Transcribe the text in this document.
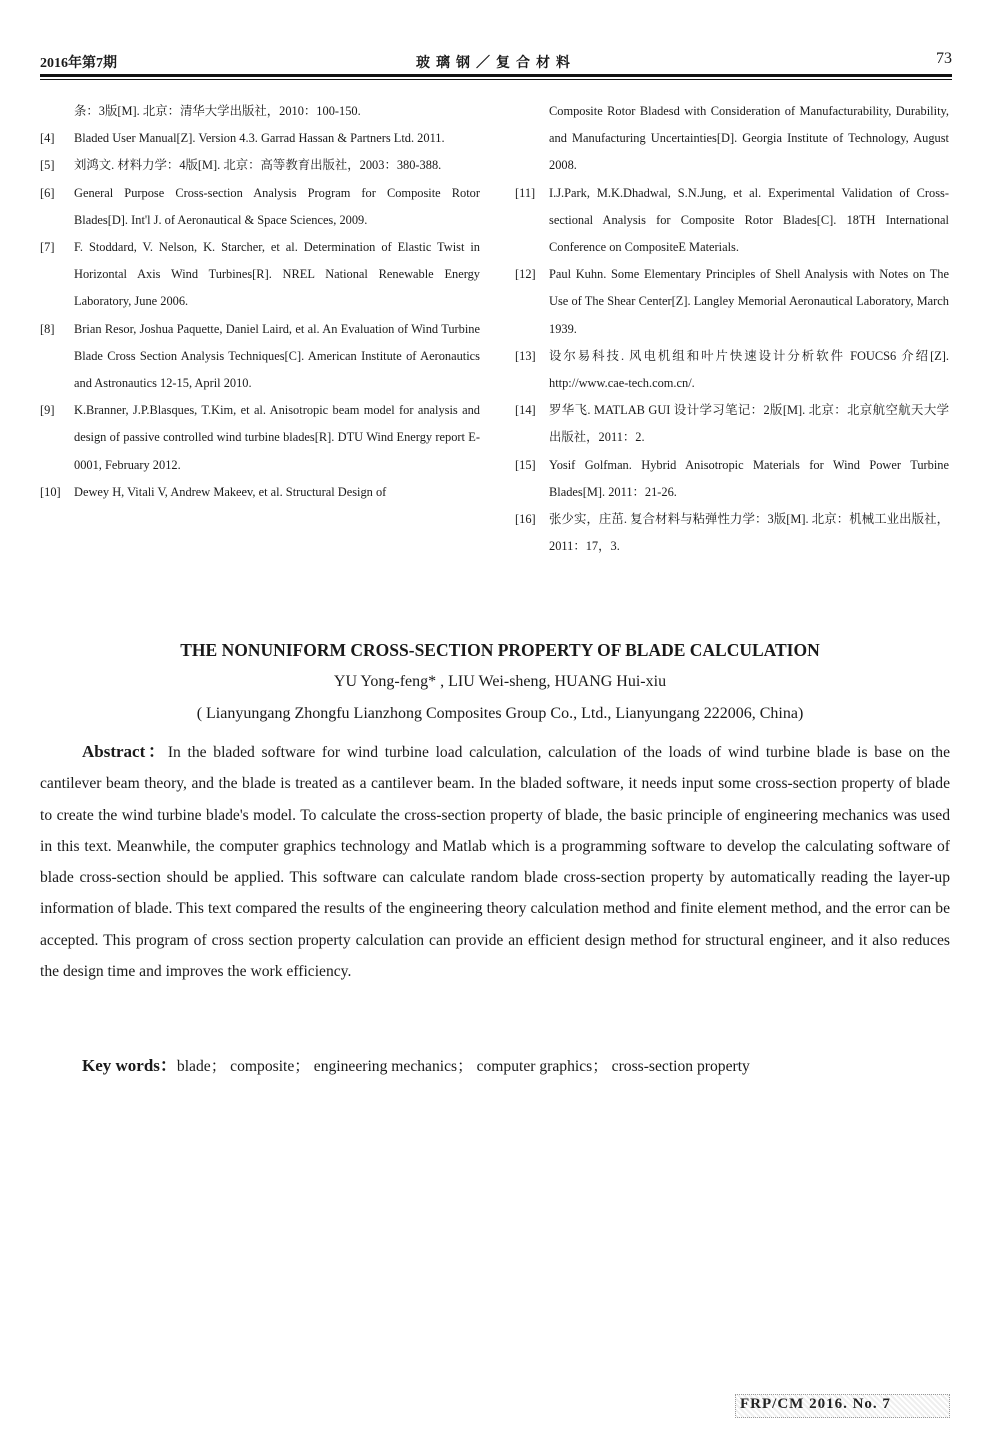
2016年第7期	玻璃钢／复合材料	73
条：3版[M]. 北京：清华大学出版社，2010：100-150.
[4]	Bladed User Manual[Z]. Version 4.3. Garrad Hassan & Partners Ltd. 2011.
[5]	刘鸿文. 材料力学：4版[M]. 北京：高等教育出版社，2003：380-388.
[6]	General Purpose Cross-section Analysis Program for Composite Rotor Blades[D]. Int'l J. of Aeronautical & Space Sciences, 2009.
[7]	F. Stoddard, V. Nelson, K. Starcher, et al. Determination of Elastic Twist in Horizontal Axis Wind Turbines[R]. NREL National Renewable Energy Laboratory, June 2006.
[8]	Brian Resor, Joshua Paquette, Daniel Laird, et al. An Evaluation of Wind Turbine Blade Cross Section Analysis Techniques[C]. American Institute of Aeronautics and Astronautics 12-15, April 2010.
[9]	K.Branner, J.P.Blasques, T.Kim, et al. Anisotropic beam model for analysis and design of passive controlled wind turbine blades[R]. DTU Wind Energy report E-0001, February 2012.
[10]	Dewey H, Vitali V, Andrew Makeev, et al. Structural Design of
Composite Rotor Bladesd with Consideration of Manufacturability, Durability, and Manufacturing Uncertainties[D]. Georgia Institute of Technology, August 2008.
[11]	I.J.Park, M.K.Dhadwal, S.N.Jung, et al. Experimental Validation of Cross-sectional Analysis for Composite Rotor Blades[C]. 18TH International Conference on CompositeE Materials.
[12]	Paul Kuhn. Some Elementary Principles of Shell Analysis with Notes on The Use of The Shear Center[Z]. Langley Memorial Aeronautical Laboratory, March 1939.
[13]	设尔易科技. 风电机组和叶片快速设计分析软件 FOUCS6 介绍[Z]. http://www.cae-tech.com.cn/.
[14]	罗华飞. MATLAB GUI 设计学习笔记：2版[M]. 北京：北京航空航天大学出版社，2011：2.
[15]	Yosif Golfman. Hybrid Anisotropic Materials for Wind Power Turbine Blades[M]. 2011：21-26.
[16]	张少实，庄茁. 复合材料与粘弹性力学：3版[M]. 北京：机械工业出版社，2011：17，3.
THE NONUNIFORM CROSS-SECTION PROPERTY OF BLADE CALCULATION
YU Yong-feng* , LIU Wei-sheng, HUANG Hui-xiu
( Lianyungang Zhongfu Lianzhong Composites Group Co., Ltd., Lianyungang 222006, China)
Abstract：In the bladed software for wind turbine load calculation, calculation of the loads of wind turbine blade is base on the cantilever beam theory, and the blade is treated as a cantilever beam. In the bladed software, it needs input some cross-section property of blade to create the wind turbine blade's model. To calculate the cross-section property of blade, the basic principle of engineering mechanics was used in this text. Meanwhile, the computer graphics technology and Matlab which is a programming software to develop the calculating software of blade cross-section should be applied. This software can calculate random blade cross-section property by automatically reading the layer-up information of blade. This text compared the results of the engineering theory calculation method and finite element method, and the error can be accepted. This program of cross section property calculation can provide an efficient design method for structural engineer, and it also reduces the design time and improves the work efficiency.
Key words：blade； composite； engineering mechanics； computer graphics； cross-section property
FRP/CM 2016. No. 7
